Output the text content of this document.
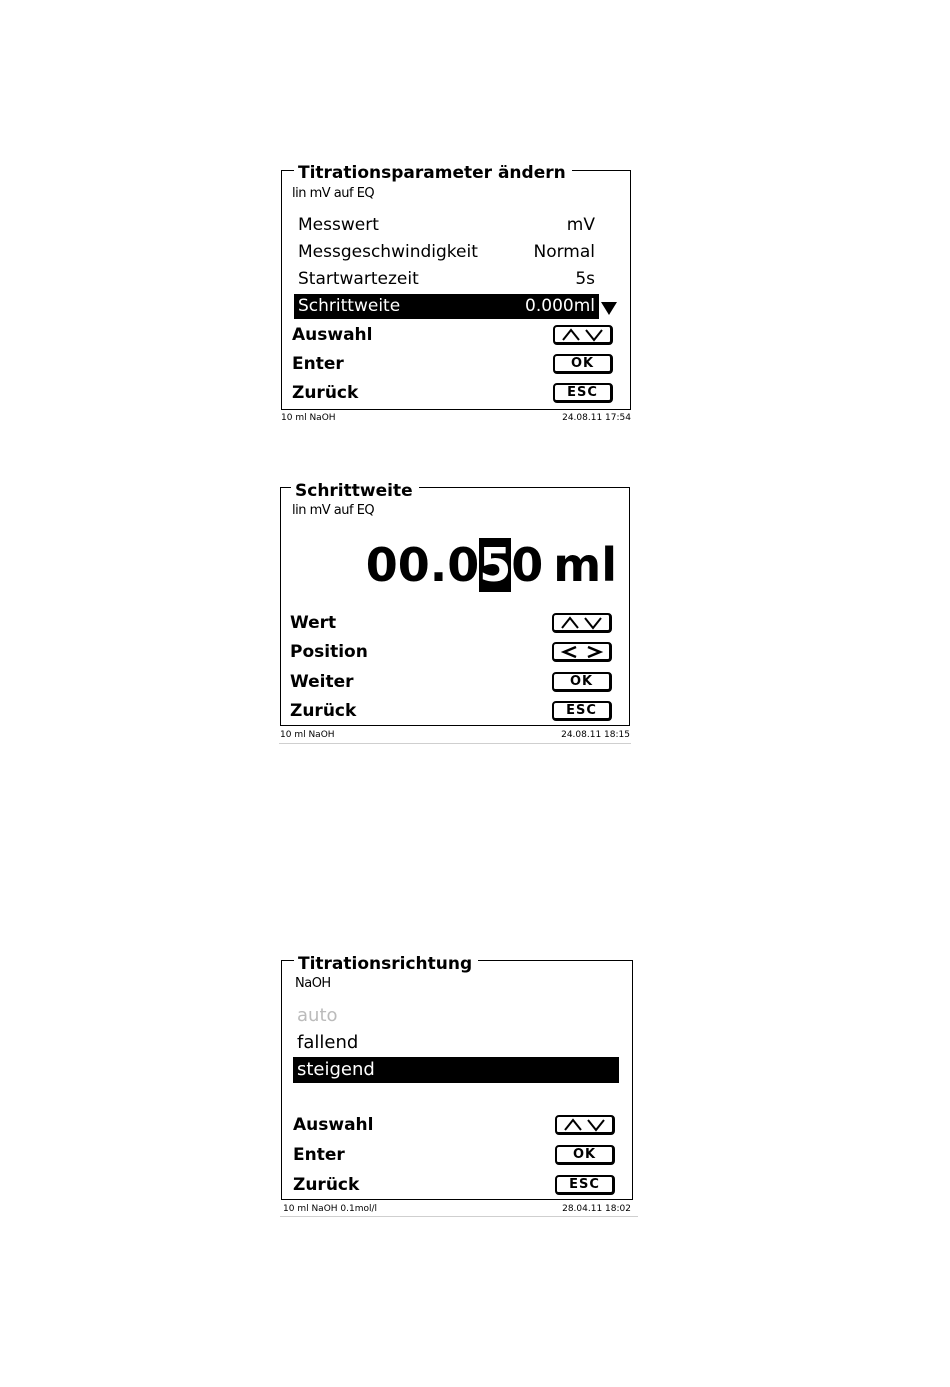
Titrationsparameter ändern
lin mV auf EQ
Messwert	mV
Messgeschwindigkeit	Normal
Startwartezeit	5s
Schrittweite	0.000ml
Auswahl
Enter	OK
Zurück	ESC
10 ml NaOH	24.08.11 17:54
Schrittweite
lin mV auf EQ
00.050 ml
Wert
Position
Weiter	OK
Zurück	ESC
10 ml NaOH	24.08.11 18:15
Titrationsrichtung
NaOH
auto
fallend
steigend
Auswahl
Enter	OK
Zurück	ESC
10 ml NaOH 0.1mol/l	28.04.11 18:02
